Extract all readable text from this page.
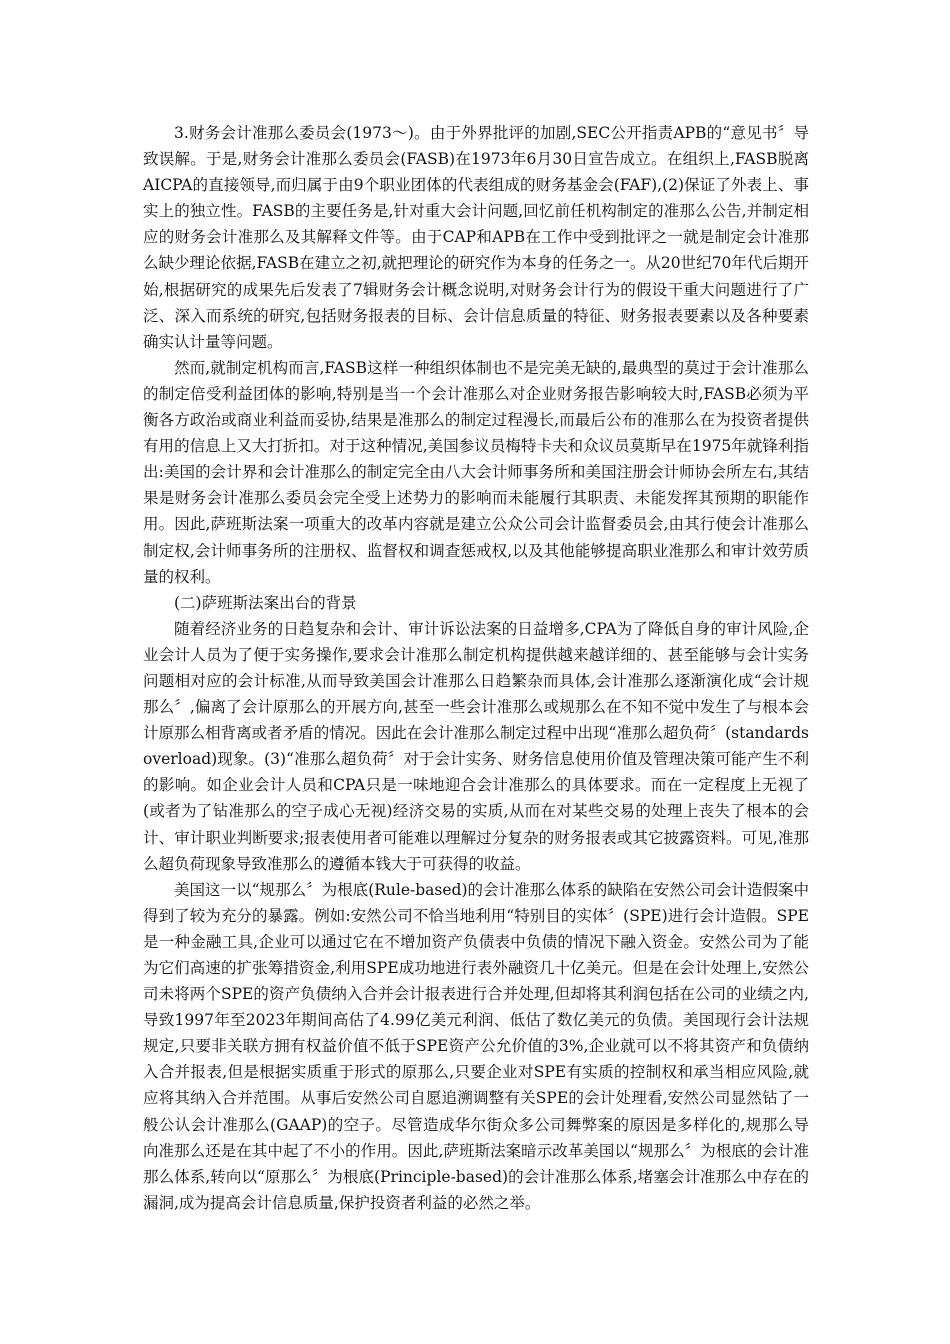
3.财务会计准那么委员会(1973～)。由于外界批评的加剧,SEC公开指责APB的“意见书〞导致误解。于是,财务会计准那么委员会(FASB)在1973年6月30日宣告成立。在组织上,FASB脱离AICPA的直接领导,而归属于由9个职业团体的代表组成的财务基金会(FAF),(2)保证了外表上、事实上的独立性。FASB的主要任务是,针对重大会计问题,回忆前任机构制定的准那么公告,并制定相应的财务会计准那么及其解释文件等。由于CAP和APB在工作中受到批评之一就是制定会计准那么缺少理论依据,FASB在建立之初,就把理论的研究作为本身的任务之一。从20世纪70年代后期开始,根据研究的成果先后发表了7辑财务会计概念说明,对财务会计行为的假设干重大问题进行了广泛、深入而系统的研究,包括财务报表的目标、会计信息质量的特征、财务报表要素以及各种要素确实认计量等问题。

然而,就制定机构而言,FASB这样一种组织体制也不是完美无缺的,最典型的莫过于会计准那么的制定倍受利益团体的影响,特别是当一个会计准那么对企业财务报告影响较大时,FASB必须为平衡各方政治或商业利益而妥协,结果是准那么的制定过程漫长,而最后公布的准那么在为投资者提供有用的信息上又大打折扣。对于这种情况,美国参议员梅特卡夫和众议员莫斯早在1975年就锋利指出:美国的会计界和会计准那么的制定完全由八大会计师事务所和美国注册会计师协会所左右,其结果是财务会计准那么委员会完全受上述势力的影响而未能履行其职责、未能发挥其预期的职能作用。因此,萨班斯法案一项重大的改革内容就是建立公众公司会计监督委员会,由其行使会计准那么制定权,会计师事务所的注册权、监督权和调查惩戒权,以及其他能够提高职业准那么和审计效劳质量的权利。

(二)萨班斯法案出台的背景

随着经济业务的日趋复杂和会计、审计诉讼法案的日益增多,CPA为了降低自身的审计风险,企业会计人员为了便于实务操作,要求会计准那么制定机构提供越来越详细的、甚至能够与会计实务问题相对应的会计标准,从而导致美国会计准那么日趋繁杂而具体,会计准那么逐渐演化成“会计规那么〞,偏离了会计原那么的开展方向,甚至一些会计准那么或规那么在不知不觉中发生了与根本会计原那么相背离或者矛盾的情况。因此在会计准那么制定过程中出现“准那么超负荷〞(standards overload)现象。(3)“准那么超负荷〞对于会计实务、财务信息使用价值及管理决策可能产生不利的影响。如企业会计人员和CPA只是一味地迎合会计准那么的具体要求。而在一定程度上无视了(或者为了钻准那么的空子成心无视)经济交易的实质,从而在对某些交易的处理上丧失了根本的会计、审计职业判断要求;报表使用者可能难以理解过分复杂的财务报表或其它披露资料。可见,准那么超负荷现象导致准那么的遵循本钱大于可获得的收益。

美国这一以“规那么〞为根底(Rule-based)的会计准那么体系的缺陷在安然公司会计造假案中得到了较为充分的暴露。例如:安然公司不恰当地利用“特别目的实体〞(SPE)进行会计造假。SPE是一种金融工具,企业可以通过它在不增加资产负债表中负债的情况下融入资金。安然公司为了能为它们高速的扩张筹措资金,利用SPE成功地进行表外融资几十亿美元。但是在会计处理上,安然公司未将两个SPE的资产负债纳入合并会计报表进行合并处理,但却将其利润包括在公司的业绩之内,导致1997年至2023年期间高估了4.99亿美元利润、低估了数亿美元的负债。美国现行会计法规规定,只要非关联方拥有权益价值不低于SPE资产公允价值的3%,企业就可以不将其资产和负债纳入合并报表,但是根据实质重于形式的原那么,只要企业对SPE有实质的控制权和承当相应风险,就应将其纳入合并范围。从事后安然公司自愿追溯调整有关SPE的会计处理看,安然公司显然钻了一般公认会计准那么(GAAP)的空子。尽管造成华尔街众多公司舞弊案的原因是多样化的,规那么导向准那么还是在其中起了不小的作用。因此,萨班斯法案暗示改革美国以“规那么〞为根底的会计准那么体系,转向以“原那么〞为根底(Principle-based)的会计准那么体系,堵塞会计准那么中存在的漏洞,成为提高会计信息质量,保护投资者利益的必然之举。
